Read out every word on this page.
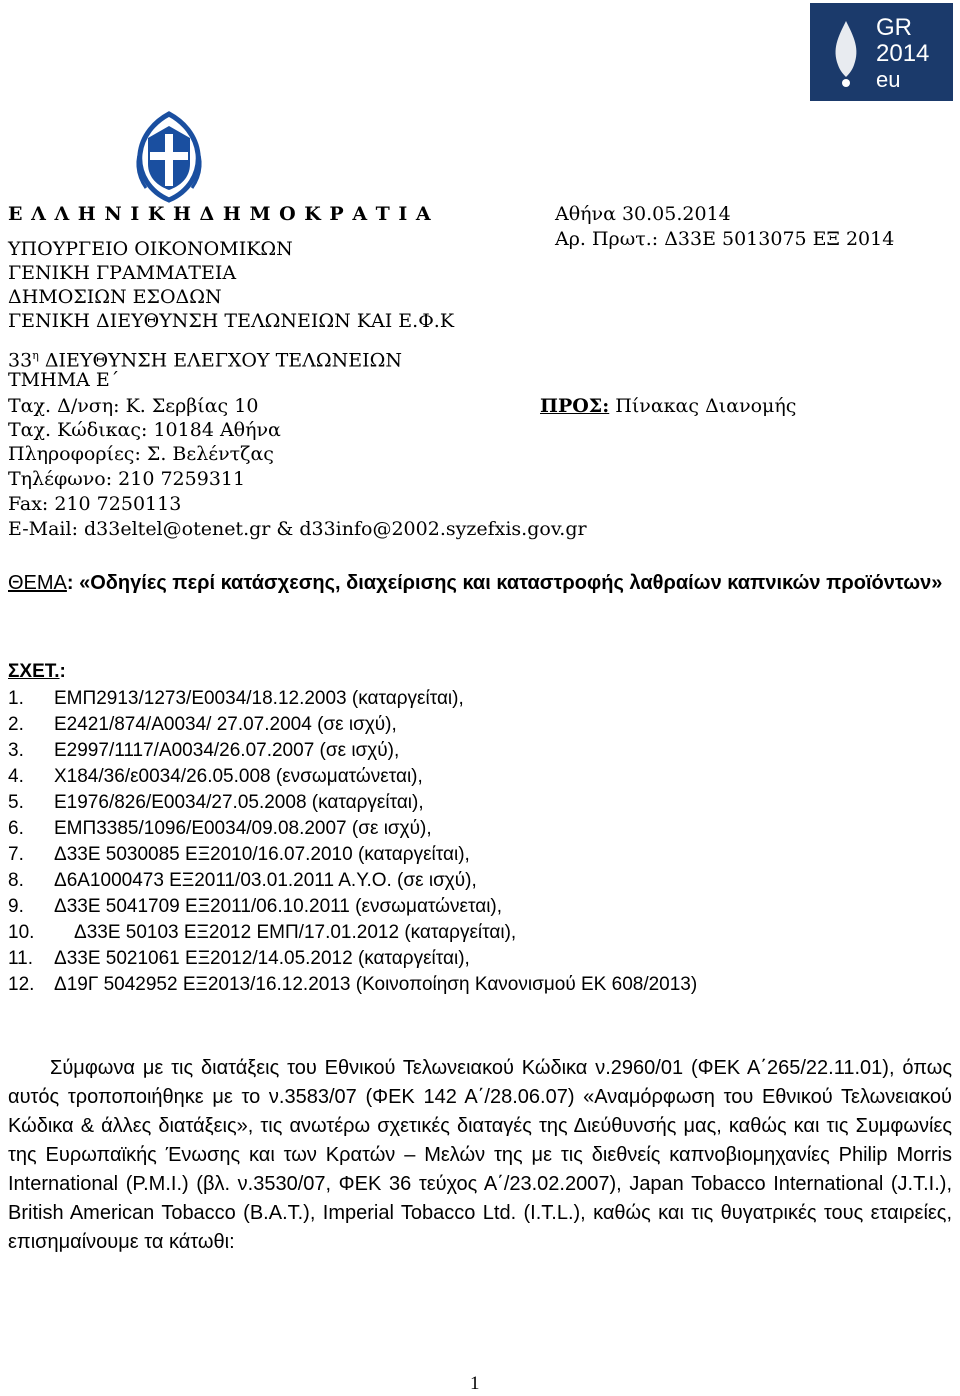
GR
2014
eu
Ε Λ Λ Η Ν Ι Κ Η Δ Η Μ Ο Κ Ρ Α Τ Ι Α
ΥΠΟΥΡΓΕΙΟ ΟΙΚΟΝΟΜΙΚΩΝ
ΓΕΝΙΚΗ ΓΡΑΜΜΑΤΕΙΑ
ΔΗΜΟΣΙΩΝ ΕΣΟΔΩΝ
ΓΕΝΙΚΗ ΔΙΕΥΘΥΝΣΗ ΤΕΛΩΝΕΙΩΝ ΚΑΙ Ε.Φ.Κ
$33^\eta$ ΔΙΕΥΘΥΝΣΗ ΕΛΕΓΧΟΥ ΤΕΛΩΝΕΙΩΝ
ΤΜΗΜΑ Ε΄
Ταχ. Δ/νση: Κ. Σερβίας 10
Ταχ. Κώδικας: 10184 Αθήνα
Πληροφορίες: Σ. Βελέντζας
Τηλέφωνο: 210 7259311
Fax: 210 7250113
E-Mail: d33eltel@otenet.gr & d33info@2002.syzefxis.gov.gr
Αθήνα 30.05.2014
Αρ. Πρωτ.: Δ33Ε 5013075 ΕΞ 2014
ΠΡΟΣ: Πίνακας Διανομής
ΘΕΜΑ: «Οδηγίες περί κατάσχεσης, διαχείρισης και καταστροφής λαθραίων καπνικών προϊόντων»
ΣΧΕΤ.:
1. ΕΜΠ2913/1273/Ε0034/18.12.2003 (καταργείται),
2. Ε2421/874/Α0034/ 27.07.2004 (σε ισχύ),
3. Ε2997/1117/Α0034/26.07.2007 (σε ισχύ),
4. Χ184/36/ε0034/26.05.008 (ενσωματώνεται),
5. Ε1976/826/Ε0034/27.05.2008 (καταργείται),
6. ΕΜΠ3385/1096/Ε0034/09.08.2007 (σε ισχύ),
7. Δ33Ε 5030085 ΕΞ2010/16.07.2010 (καταργείται),
8. Δ6Α1000473 ΕΞ2011/03.01.2011 Α.Υ.Ο. (σε ισχύ),
9. Δ33Ε 5041709 ΕΞ2011/06.10.2011 (ενσωματώνεται),
10. Δ33Ε 50103 ΕΞ2012 ΕΜΠ/17.01.2012 (καταργείται),
11. Δ33Ε 5021061 ΕΞ2012/14.05.2012 (καταργείται),
12. Δ19Γ 5042952 ΕΞ2013/16.12.2013 (Κοινοποίηση Κανονισμού ΕΚ 608/2013)
Σύμφωνα με τις διατάξεις του Εθνικού Τελωνειακού Κώδικα ν.2960/01 (ΦΕΚ Α΄265/22.11.01), όπως αυτός τροποποιήθηκε με το ν.3583/07 (ΦΕΚ 142 Α΄/28.06.07) «Αναμόρφωση του Εθνικού Τελωνειακού Κώδικα & άλλες διατάξεις», τις ανωτέρω σχετικές διαταγές της Διεύθυνσής μας, καθώς και τις Συμφωνίες της Ευρωπαϊκής Ένωσης και των Κρατών – Μελών της με τις διεθνείς καπνοβιομηχανίες Philip Morris International (P.M.I.) (βλ. ν.3530/07, ΦΕΚ 36 τεύχος Α΄/23.02.2007), Japan Tobacco International (J.T.I.), British American Tobacco (B.A.T.), Imperial Tobacco Ltd. (I.T.L.), καθώς και τις θυγατρικές τους εταιρείες, επισημαίνουμε τα κάτωθι:
1
